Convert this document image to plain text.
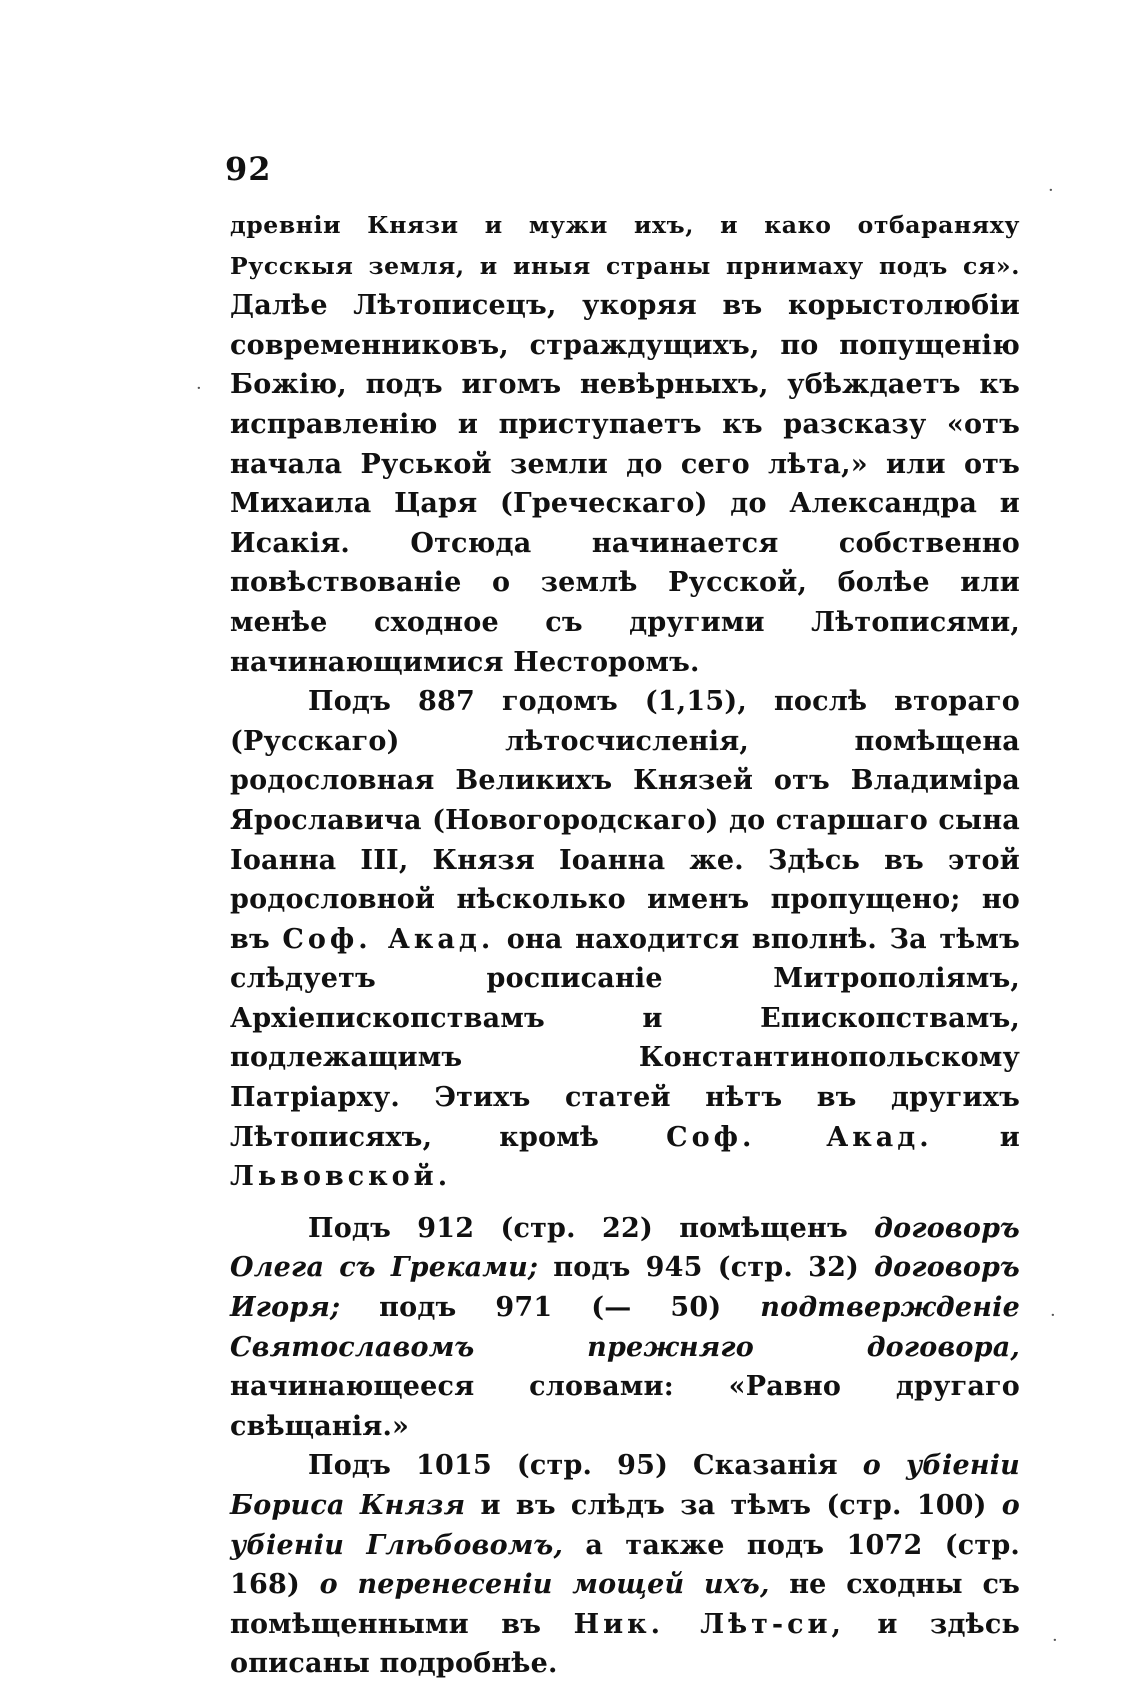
92

древнiи Князи и мужи ихъ, и како отбараняху Русскыя земля, и иныя страны прнимаху подъ ся». Далѣе Лѣтописецъ, укоряя въ корыстолюбiи современниковъ, страждущихъ, по попущенiю Божiю, подъ игомъ невѣрныхъ, убѣждаетъ къ исправленiю и приступаетъ къ разсказу «отъ начала Руськой земли до сего лѣта,» или отъ Михаила Царя (Греческаго) до Александра и Исакiя. Отсюда начинается собственно повѣствованiе о землѣ Русской, болѣе или менѣе сходное съ другими Лѣтописями, начинающимися Несторомъ.

Подъ 887 годомъ (1,15), послѣ втораго (Русскаго) лѣтосчисленiя, помѣщена родословная Великихъ Князей отъ Владимiра Ярославича (Новогородскаго) до старшаго сына Iоанна III, Князя Iоанна же. Здѣсь въ этой родословной нѣсколько именъ пропущено; но въ Соф. Акад. она находится вполнѣ. За тѣмъ слѣдуетъ росписанiе Митрополiямъ, Архiепископствамъ и Епископствамъ, подлежащимъ Константинопольскому Патрiарху. Этихъ статей нѣтъ въ другихъ Лѣтописяхъ, кромѣ Соф. Акад. и Львовской.

Подъ 912 (стр. 22) помѣщенъ договоръ Олега съ Греками; подъ 945 (стр. 32) договоръ Игоря; подъ 971 (— 50) подтвержденiе Святославомъ прежняго договора, начинающееся словами: «Равно другаго свѣщанiя.»

Подъ 1015 (стр. 95) Сказанiя о убiенiи Бориса Князя и въ слѣдъ за тѣмъ (стр. 100) о убiенiи Глѣбовомъ, а также подъ 1072 (стр. 168) о перенесенiи мощей ихъ, не сходны съ помѣщенными въ Ник. Лѣт-си, и здѣсь описаны подробнѣе.

·
·
·
·
